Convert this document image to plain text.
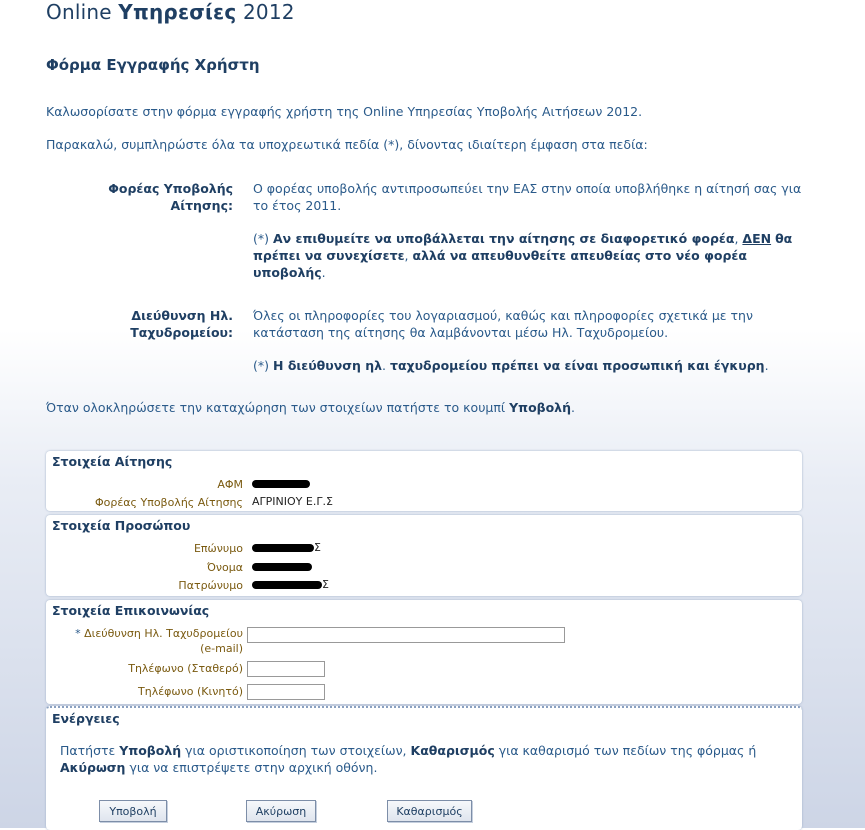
Online Υπηρεσίες 2012
Φόρμα Εγγραφής Χρήστη
Καλωσορίσατε στην φόρμα εγγραφής χρήστη της Online Υπηρεσίας Υποβολής Αιτήσεων 2012.
Παρακαλώ, συμπληρώστε όλα τα υποχρεωτικά πεδία (*), δίνοντας ιδιαίτερη έμφαση στα πεδία:
Φορέας Υποβολής
Αίτησης:
Ο φορέας υποβολής αντιπροσωπεύει την ΕΑΣ στην οποία υποβλήθηκε η αίτησή σας για το έτος 2011.
(*) Αν επιθυμείτε να υποβάλλεται την αίτησης σε διαφορετικό φορέα, ΔΕΝ θα πρέπει να συνεχίσετε, αλλά να απευθυνθείτε απευθείας στο νέο φορέα υποβολής.
Διεύθυνση Ηλ.
Ταχυδρομείου:
Όλες οι πληροφορίες του λογαριασμού, καθώς και πληροφορίες σχετικά με την κατάσταση της αίτησης θα λαμβάνονται μέσω Ηλ. Ταχυδρομείου.
(*) Η διεύθυνση ηλ. ταχυδρομείου πρέπει να είναι προσωπική και έγκυρη.
Όταν ολοκληρώσετε την καταχώρηση των στοιχείων πατήστε το κουμπί Υποβολή.
Στοιχεία Αίτησης
ΑΦΜ
Φορέας Υποβολής Αίτησης ΑΓΡΙΝΙΟΥ Ε.Γ.Σ
Στοιχεία Προσώπου
Επώνυμο	Σ
Όνομα
Πατρώνυμο	Σ
Στοιχεία Επικοινωνίας
* Διεύθυνση Ηλ. Ταχυδρομείου
(e-mail)
Τηλέφωνο (Σταθερό)
Τηλέφωνο (Κινητό)
Ενέργειες
Πατήστε Υποβολή για οριστικοποίηση των στοιχείων, Καθαρισμός για καθαρισμό των πεδίων της φόρμας ή Ακύρωση για να επιστρέψετε στην αρχική οθόνη.
Υποβολή	Ακύρωση	Καθαρισμός
